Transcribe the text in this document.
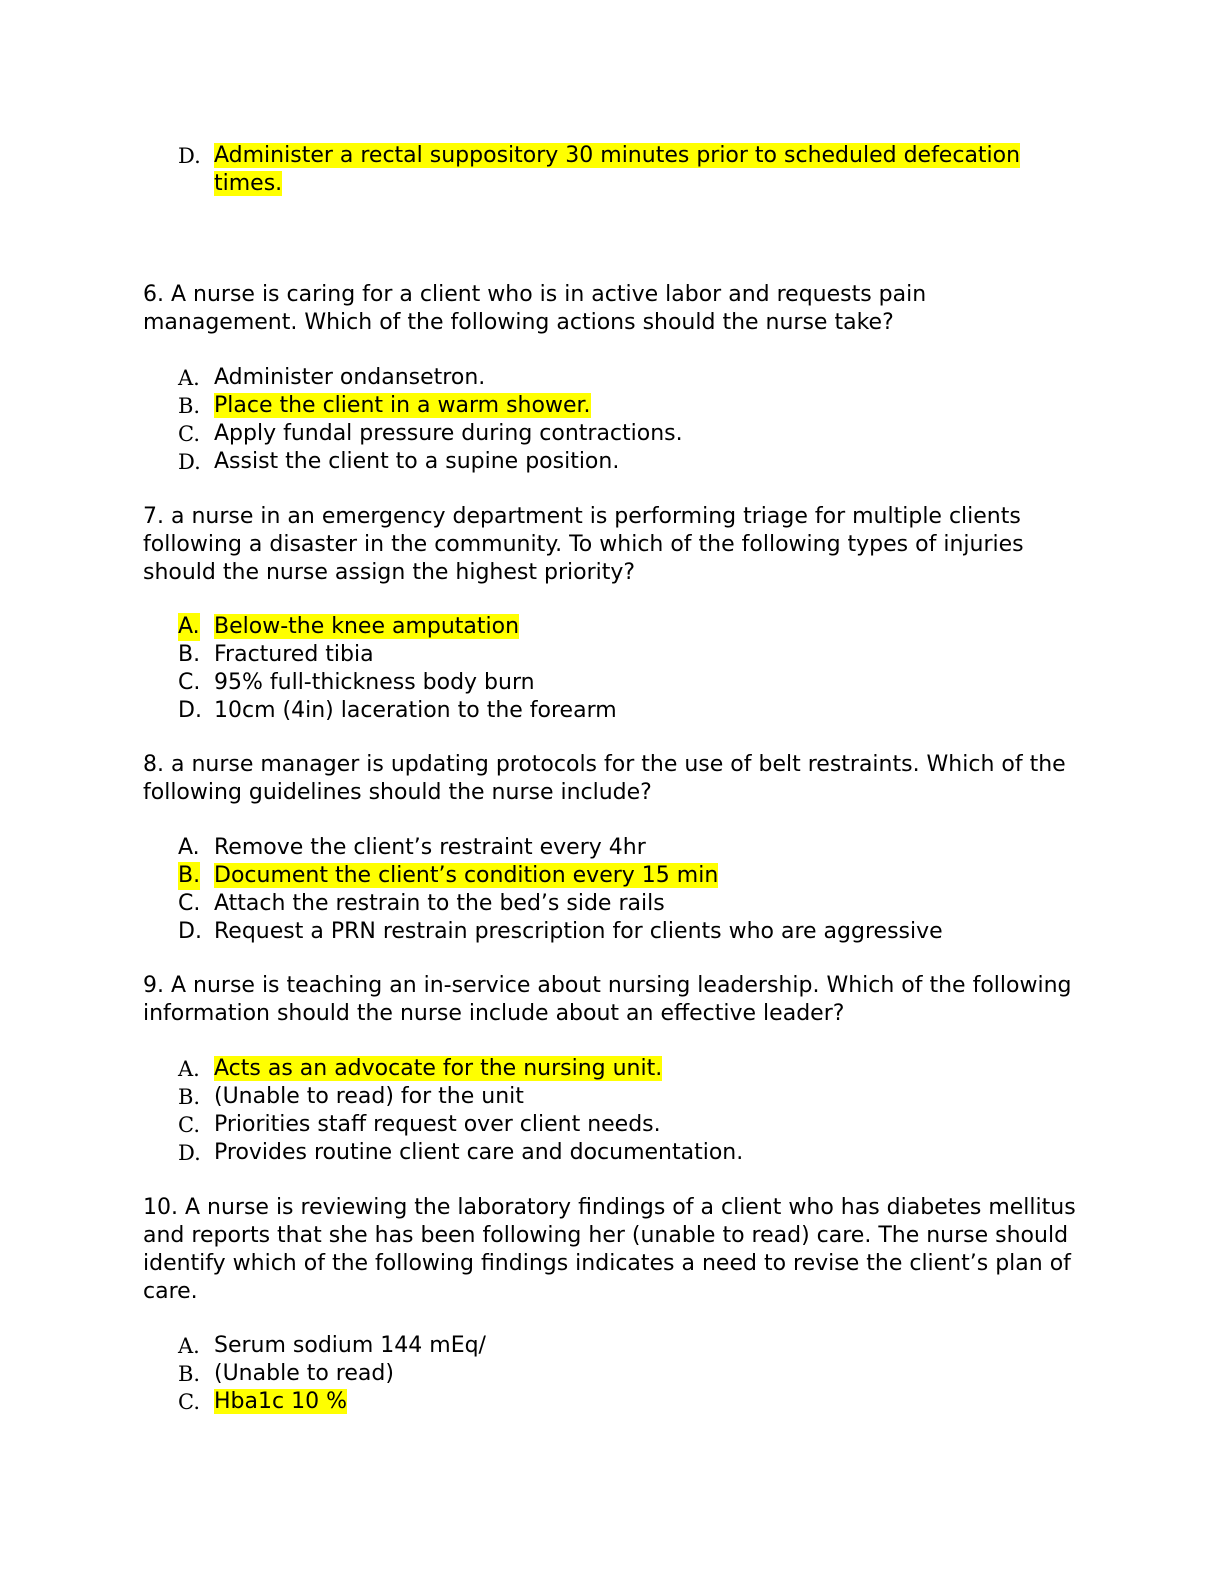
D. Administer a rectal suppository 30 minutes prior to scheduled defecation times.

6. A nurse is caring for a client who is in active labor and requests pain management. Which of the following actions should the nurse take?

A. Administer ondansetron.
B. Place the client in a warm shower.
C. Apply fundal pressure during contractions.
D. Assist the client to a supine position.

7. a nurse in an emergency department is performing triage for multiple clients following a disaster in the community. To which of the following types of injuries should the nurse assign the highest priority?

A. Below-the knee amputation
B. Fractured tibia
C. 95% full-thickness body burn
D. 10cm (4in) laceration to the forearm

8. a nurse manager is updating protocols for the use of belt restraints. Which of the following guidelines should the nurse include?

A. Remove the client’s restraint every 4hr
B. Document the client’s condition every 15 min
C. Attach the restrain to the bed’s side rails
D. Request a PRN restrain prescription for clients who are aggressive

9. A nurse is teaching an in-service about nursing leadership. Which of the following information should the nurse include about an effective leader?

A. Acts as an advocate for the nursing unit.
B. (Unable to read) for the unit
C. Priorities staff request over client needs.
D. Provides routine client care and documentation.

10. A nurse is reviewing the laboratory findings of a client who has diabetes mellitus and reports that she has been following her (unable to read) care. The nurse should identify which of the following findings indicates a need to revise the client’s plan of care.

A. Serum sodium 144 mEq/
B. (Unable to read)
C. Hba1c 10 %
